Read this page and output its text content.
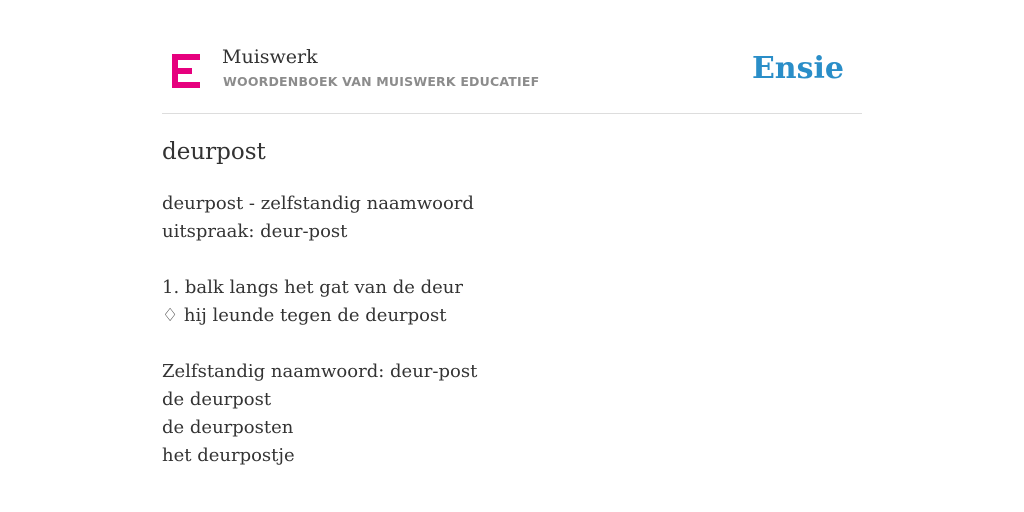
Muiswerk
WOORDENBOEK VAN MUISWERK EDUCATIEF	Ensie
deurpost
deurpost - zelfstandig naamwoord
uitspraak: deur-post
1. balk langs het gat van de deur
♢ hij leunde tegen de deurpost
Zelfstandig naamwoord: deur-post
de deurpost
de deurposten
het deurpostje
